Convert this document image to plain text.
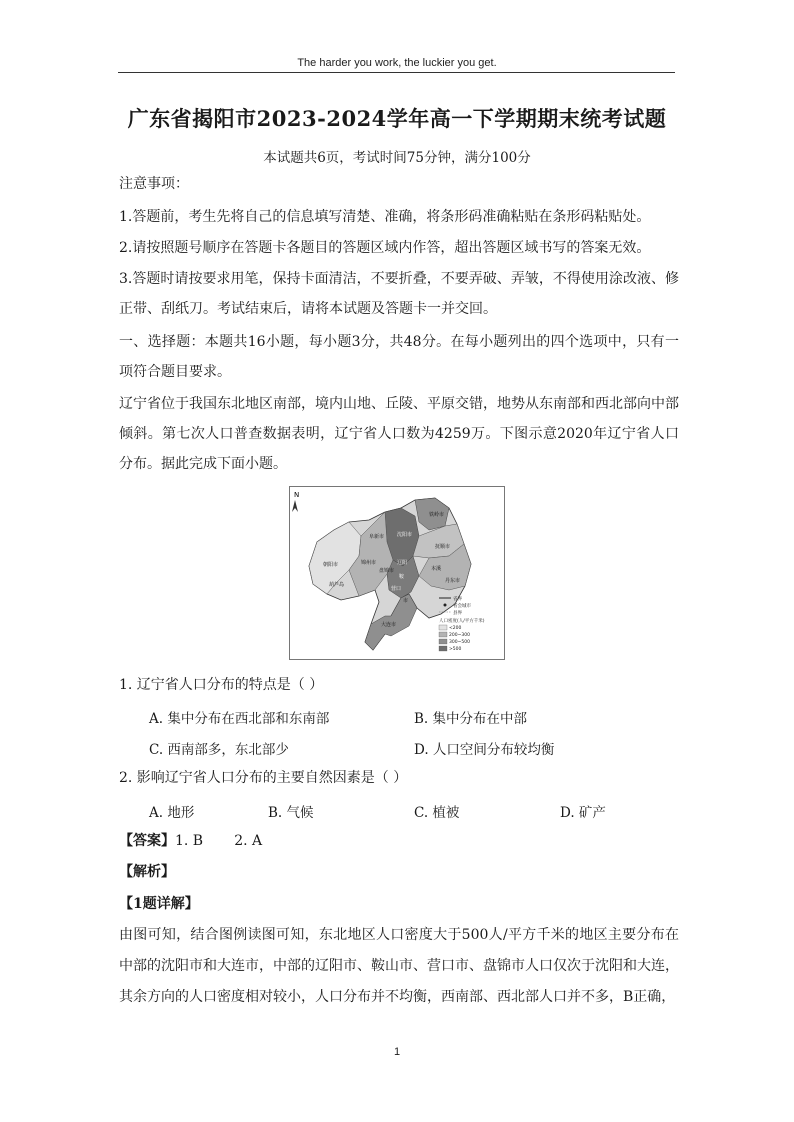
The harder you work, the luckier you get.
广东省揭阳市2023-2024学年高一下学期期末统考试题
本试题共6页，考试时间75分钟，满分100分
注意事项：
1.答题前，考生先将自己的信息填写清楚、准确，将条形码准确粘贴在条形码粘贴处。
2.请按照题号顺序在答题卡各题目的答题区域内作答，超出答题区域书写的答案无效。
3.答题时请按要求用笔，保持卡面清洁，不要折叠，不要弄破、弄皱，不得使用涂改液、修正带、刮纸刀。考试结束后，请将本试题及答题卡一并交回。
一、选择题：本题共16小题，每小题3分，共48分。在每小题列出的四个选项中，只有一项符合题目要求。
辽宁省位于我国东北地区南部，境内山地、丘陵、平原交错，地势从东南部和西北部向中部倾斜。第七次人口普查数据表明，辽宁省人口数为4259万。下图示意2020年辽宁省人口分布。据此完成下面小题。
N
铁岭市
阜新市	沈阳市
抚顺市
朝阳市	锦州市	辽阳
盘锦市
鞍
本溪
营口
丹东市
市
大连市
葫芦岛
省界
省会城市
县界
人口密度(人/平方千米)
<200
200~300
300~500
>500
1. 辽宁省人口分布的特点是（ ）
A. 集中分布在西北部和东南部	B. 集中分布在中部
C. 西南部多，东北部少	D. 人口空间分布较均衡
2. 影响辽宁省人口分布的主要自然因素是（ ）
A. 地形	B. 气候	C. 植被	D. 矿产
【答案】1. B       2. A
【解析】
【1题详解】
由图可知，结合图例读图可知，东北地区人口密度大于500人/平方千米的地区主要分布在中部的沈阳市和大连市，中部的辽阳市、鞍山市、营口市、盘锦市人口仅次于沈阳和大连，其余方向的人口密度相对较小，人口分布并不均衡，西南部、西北部人口并不多，B正确，
1
